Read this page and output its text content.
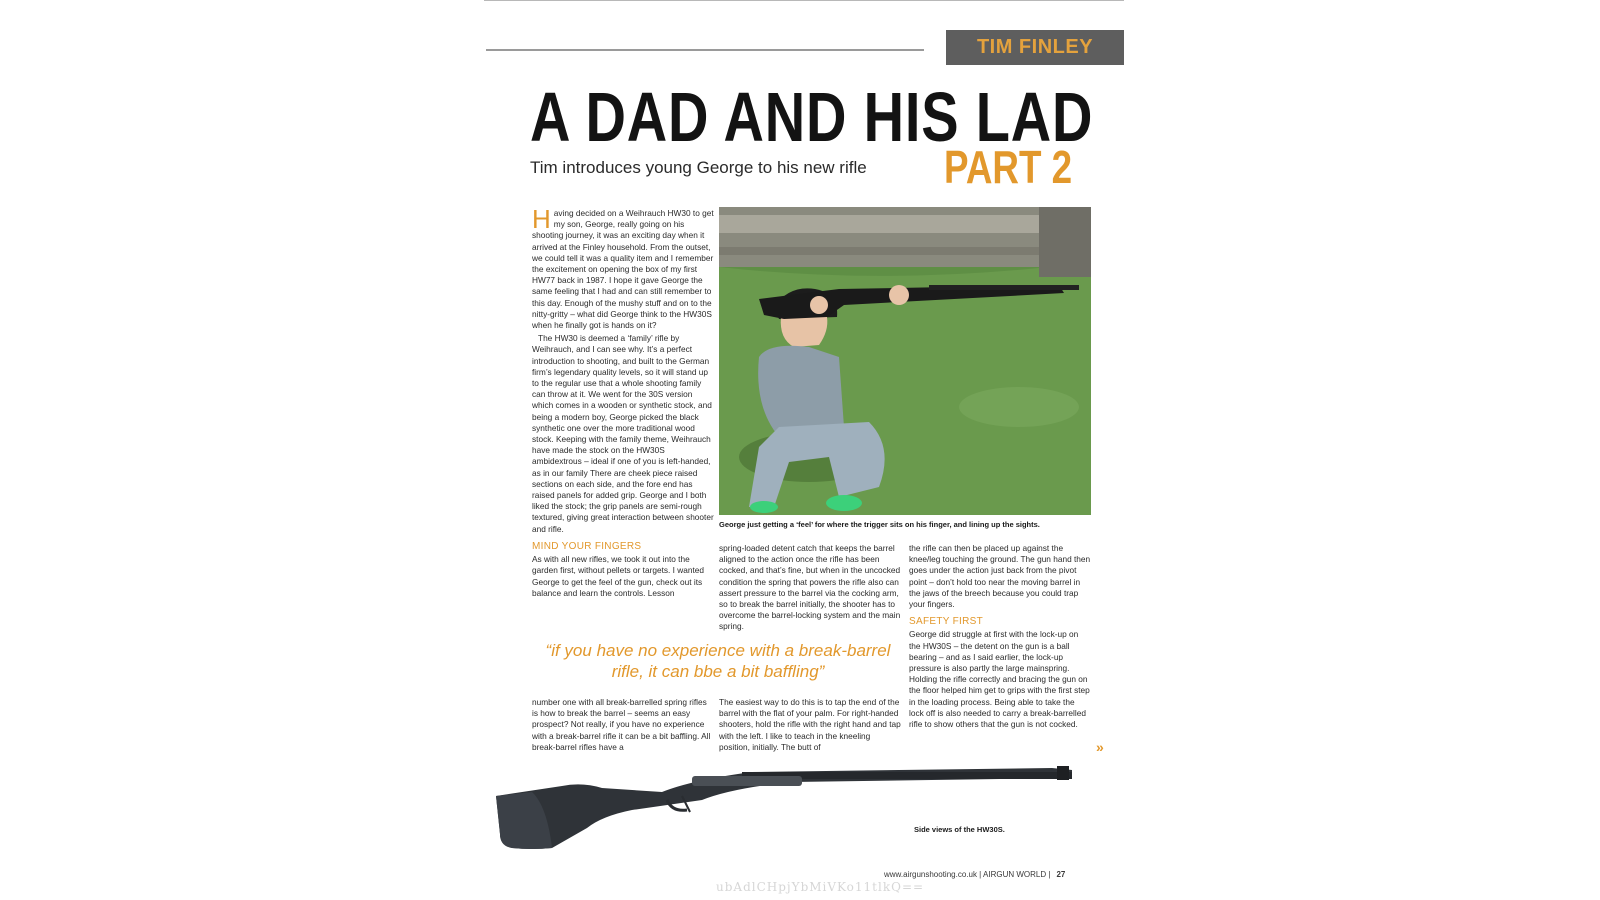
TIM FINLEY
A DAD AND HIS LAD
Tim introduces young George to his new rifle PART 2

Having decided on a Weihrauch HW30 to get my son, George, really going on his shooting journey, it was an exciting day when it arrived at the Finley household. From the outset, we could tell it was a quality item and I remember the excitement on opening the box of my first HW77 back in 1987. I hope it gave George the same feeling that I had and can still remember to this day. Enough of the mushy stuff and on to the nitty-gritty – what did George think to the HW30S when he finally got is hands on it?

The HW30 is deemed a ‘family’ rifle by Weihrauch, and I can see why. It’s a perfect introduction to shooting, and built to the German firm’s legendary quality levels, so it will stand up to the regular use that a whole shooting family can throw at it. We went for the 30S version which comes in a wooden or synthetic stock, and being a modern boy, George picked the black synthetic one over the more traditional wood stock. Keeping with the family theme, Weihrauch have made the stock on the HW30S ambidextrous – ideal if one of you is left-handed, as in our family There are cheek piece raised sections on each side, and the fore end has raised panels for added grip. George and I both liked the stock; the grip panels are semi-rough textured, giving great interaction between shooter and rifle.

MIND YOUR FINGERS

As with all new rifles, we took it out into the garden first, without pellets or targets. I wanted George to get the feel of the gun, check out its balance and learn the controls. Lesson

George just getting a ‘feel’ for where the trigger sits on his finger, and lining up the sights.

spring-loaded detent catch that keeps the barrel aligned to the action once the rifle has been cocked, and that’s fine, but when in the uncocked condition the spring that powers the rifle also can assert pressure to the barrel via the cocking arm, so to break the barrel initially, the shooter has to overcome the barrel-locking system and the main spring.

the rifle can then be placed up against the knee/leg touching the ground. The gun hand then goes under the action just back from the pivot point – don’t hold too near the moving barrel in the jaws of the breech because you could trap your fingers.

SAFETY FIRST

George did struggle at first with the lock-up on the HW30S – the detent on the gun is a ball bearing – and as I said earlier, the lock-up pressure is also partly the large mainspring. Holding the rifle correctly and bracing the gun on the floor helped him get to grips with the first step in the loading process. Being able to take the lock off is also needed to carry a break-barrelled rifle to show others that the gun is not cocked.

“if you have no experience with a break-barrel rifle, it can bbe a bit baffling”

number one with all break-barrelled spring rifles is how to break the barrel – seems an easy prospect? Not really, if you have no experience with a break-barrel rifle it can be a bit baffling. All break-barrel rifles have a

The easiest way to do this is to tap the end of the barrel with the flat of your palm. For right-handed shooters, hold the rifle with the right hand and tap with the left. I like to teach in the kneeling position, initially. The butt of	»
Side views of the HW30S.
www.airgunshooting.co.uk | AIRGUN WORLD | 27
ubAdlCHpjYbMiVKo11tlkQ==
